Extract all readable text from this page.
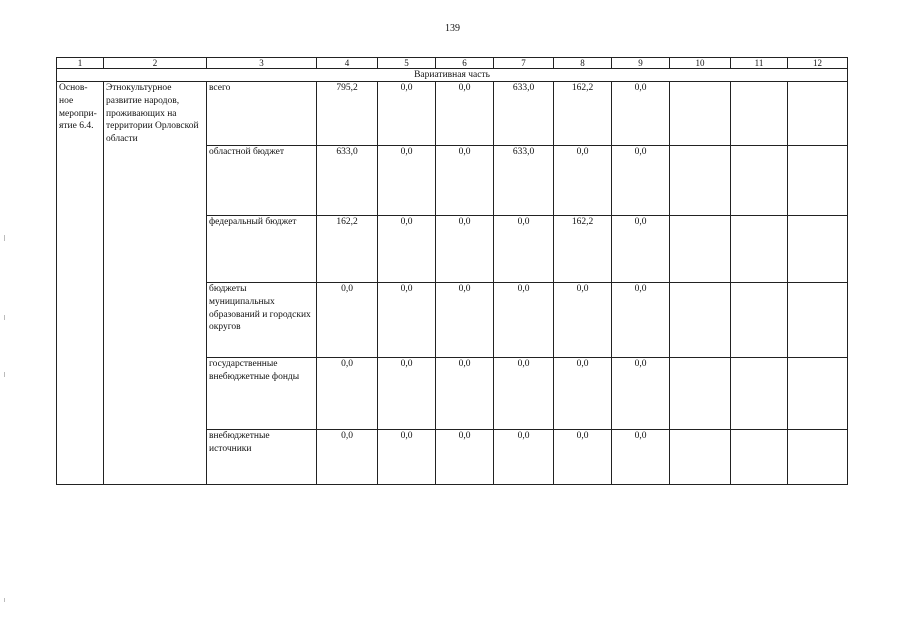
139
1	2	3	4	5	6	7	8	9	10	11	12
Вариативная часть											
Основ-ное меропри-ятие 6.4.	Этнокультурное развитие народов, проживающих на территории Орловской области	всего	795,2	0,0	0,0	633,0	162,2	0,0			
		областной бюджет	633,0	0,0	0,0	633,0	0,0	0,0			
		федеральный бюджет	162,2	0,0	0,0	0,0	162,2	0,0			
		бюджеты муниципальных образований и городских округов	0,0	0,0	0,0	0,0	0,0	0,0			
		государственные внебюджетные фонды	0,0	0,0	0,0	0,0	0,0	0,0			
		внебюджетные источники	0,0	0,0	0,0	0,0	0,0	0,0			
